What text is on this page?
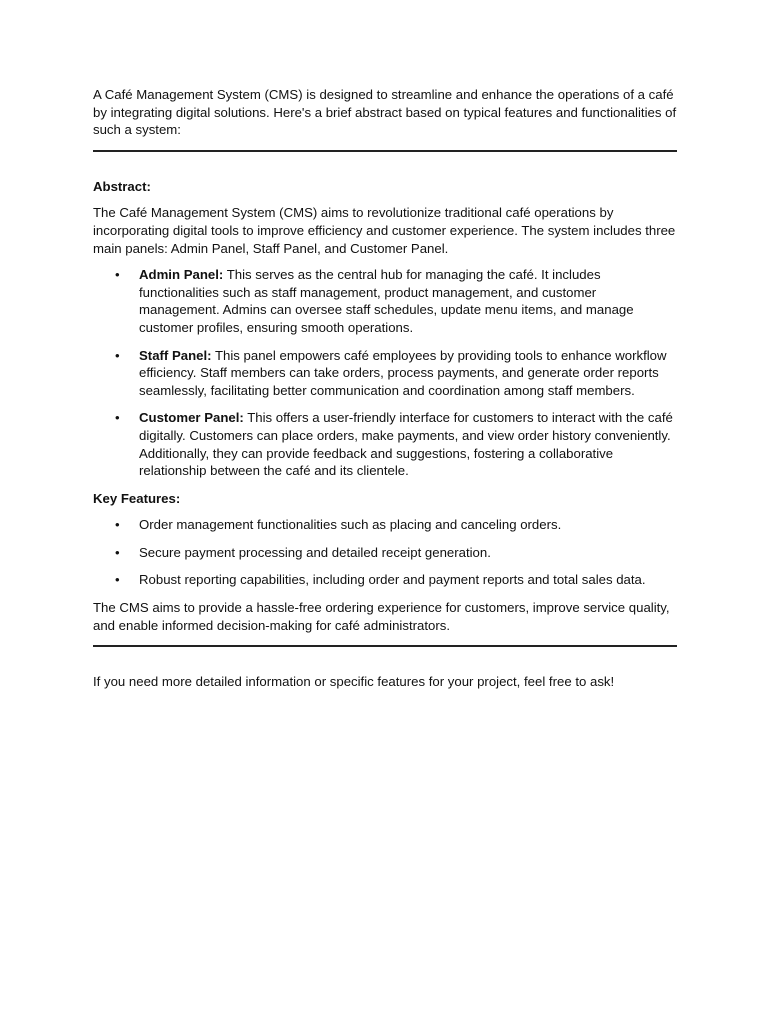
A Café Management System (CMS) is designed to streamline and enhance the operations of a café by integrating digital solutions. Here's a brief abstract based on typical features and functionalities of such a system:

Abstract:

The Café Management System (CMS) aims to revolutionize traditional café operations by incorporating digital tools to improve efficiency and customer experience. The system includes three main panels: Admin Panel, Staff Panel, and Customer Panel.

• Admin Panel: This serves as the central hub for managing the café. It includes functionalities such as staff management, product management, and customer management. Admins can oversee staff schedules, update menu items, and manage customer profiles, ensuring smooth operations.
• Staff Panel: This panel empowers café employees by providing tools to enhance workflow efficiency. Staff members can take orders, process payments, and generate order reports seamlessly, facilitating better communication and coordination among staff members.
• Customer Panel: This offers a user-friendly interface for customers to interact with the café digitally. Customers can place orders, make payments, and view order history conveniently. Additionally, they can provide feedback and suggestions, fostering a collaborative relationship between the café and its clientele.

Key Features:

• Order management functionalities such as placing and canceling orders.
• Secure payment processing and detailed receipt generation.
• Robust reporting capabilities, including order and payment reports and total sales data.

The CMS aims to provide a hassle-free ordering experience for customers, improve service quality, and enable informed decision-making for café administrators.

If you need more detailed information or specific features for your project, feel free to ask!
